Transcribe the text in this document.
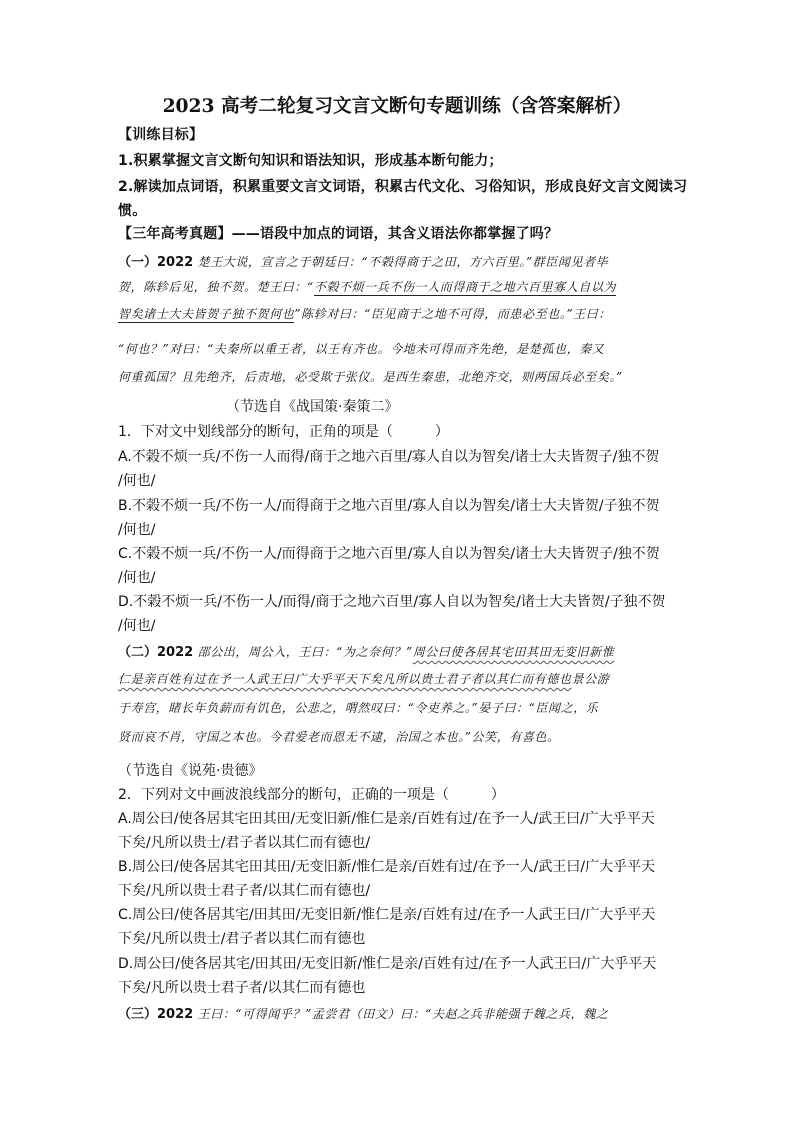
2023 高考二轮复习文言文断句专题训练（含答案解析）
【训练目标】
1.积累掌握文言文断句知识和语法知识，形成基本断句能力；
2.解读加点词语，积累重要文言文词语，积累古代文化、习俗知识，形成良好文言文阅读习
惯。
【三年高考真题】——语段中加点的词语，其含义语法你都掌握了吗？
（一）2022 楚王大说，宣言之于朝廷曰：“不榖得商于之田，方六百里。”群臣闻见者毕
贺，陈轸后见，独不贺。楚王曰：“不榖不烦一兵不伤一人而得商于之地六百里寡人自以为
智矣诸士大夫皆贺子独不贺何也”陈轸对曰：“臣见商于之地不可得，而患必至也。”王曰：
“何也？”对曰：“夫秦所以重王者，以王有齐也。今地未可得而齐先绝，是楚孤也，秦又
何重孤国？且先绝齐，后责地，必受欺于张仪。是西生秦患，北绝齐交，则两国兵必至矣。”
（节选自《战国策·秦策二》
1．下对文中划线部分的断句，正角的项是（　　　）
A.不榖不烦一兵/不伤一人而得/商于之地六百里/寡人自以为智矣/诸士大夫皆贺子/独不贺
/何也/
B.不榖不烦一兵/不伤一人/而得商于之地六百里/寡人自以为智矣/诸士大夫皆贺/子独不贺
/何也/
C.不榖不烦一兵/不伤一人/而得商于之地六百里/寡人自以为智矣/诸士大夫皆贺子/独不贺
/何也/
D.不榖不烦一兵/不伤一人/而得/商于之地六百里/寡人自以为智矣/诸士大夫皆贺/子独不贺
/何也/
（二）2022 邵公出，周公入，王曰：“为之奈何？”周公曰使各居其宅田其田无变旧新惟
仁是亲百姓有过在予一人武王曰广大乎平天下矣凡所以贵士君子者以其仁而有德也景公游
于寿宫，睹长年负薪而有饥色，公悲之，喟然叹曰：“令吏养之。”晏子曰：“臣闻之，乐
贤而哀不肖，守国之本也。今君爱老而恩无不逮，治国之本也。”公笑，有喜色。
（节选自《说苑·贵德》
2．下列对文中画波浪线部分的断句，正确的一项是（　　　）
A.周公曰/使各居其宅田其田/无变旧新/惟仁是亲/百姓有过/在予一人/武王曰/广大乎平天
下矣/凡所以贵士/君子者以其仁而有德也/
B.周公曰/使各居其宅田其田/无变旧新/惟仁是亲/百姓有过/在予一人/武王曰/广大乎平天
下矣/凡所以贵士君子者/以其仁而有德也/
C.周公曰/使各居其宅/田其田/无变旧新/惟仁是亲/百姓有过/在予一人武王曰/广大乎平天
下矣/凡所以贵士/君子者以其仁而有德也
D.周公曰/使各居其宅/田其田/无变旧新/惟仁是亲/百姓有过/在予一人武王曰/广大乎平天
下矣/凡所以贵士君子者/以其仁而有德也
（三）2022 王曰：“可得闻乎？”孟尝君（田文）曰：“夫赵之兵非能强于魏之兵，魏之
